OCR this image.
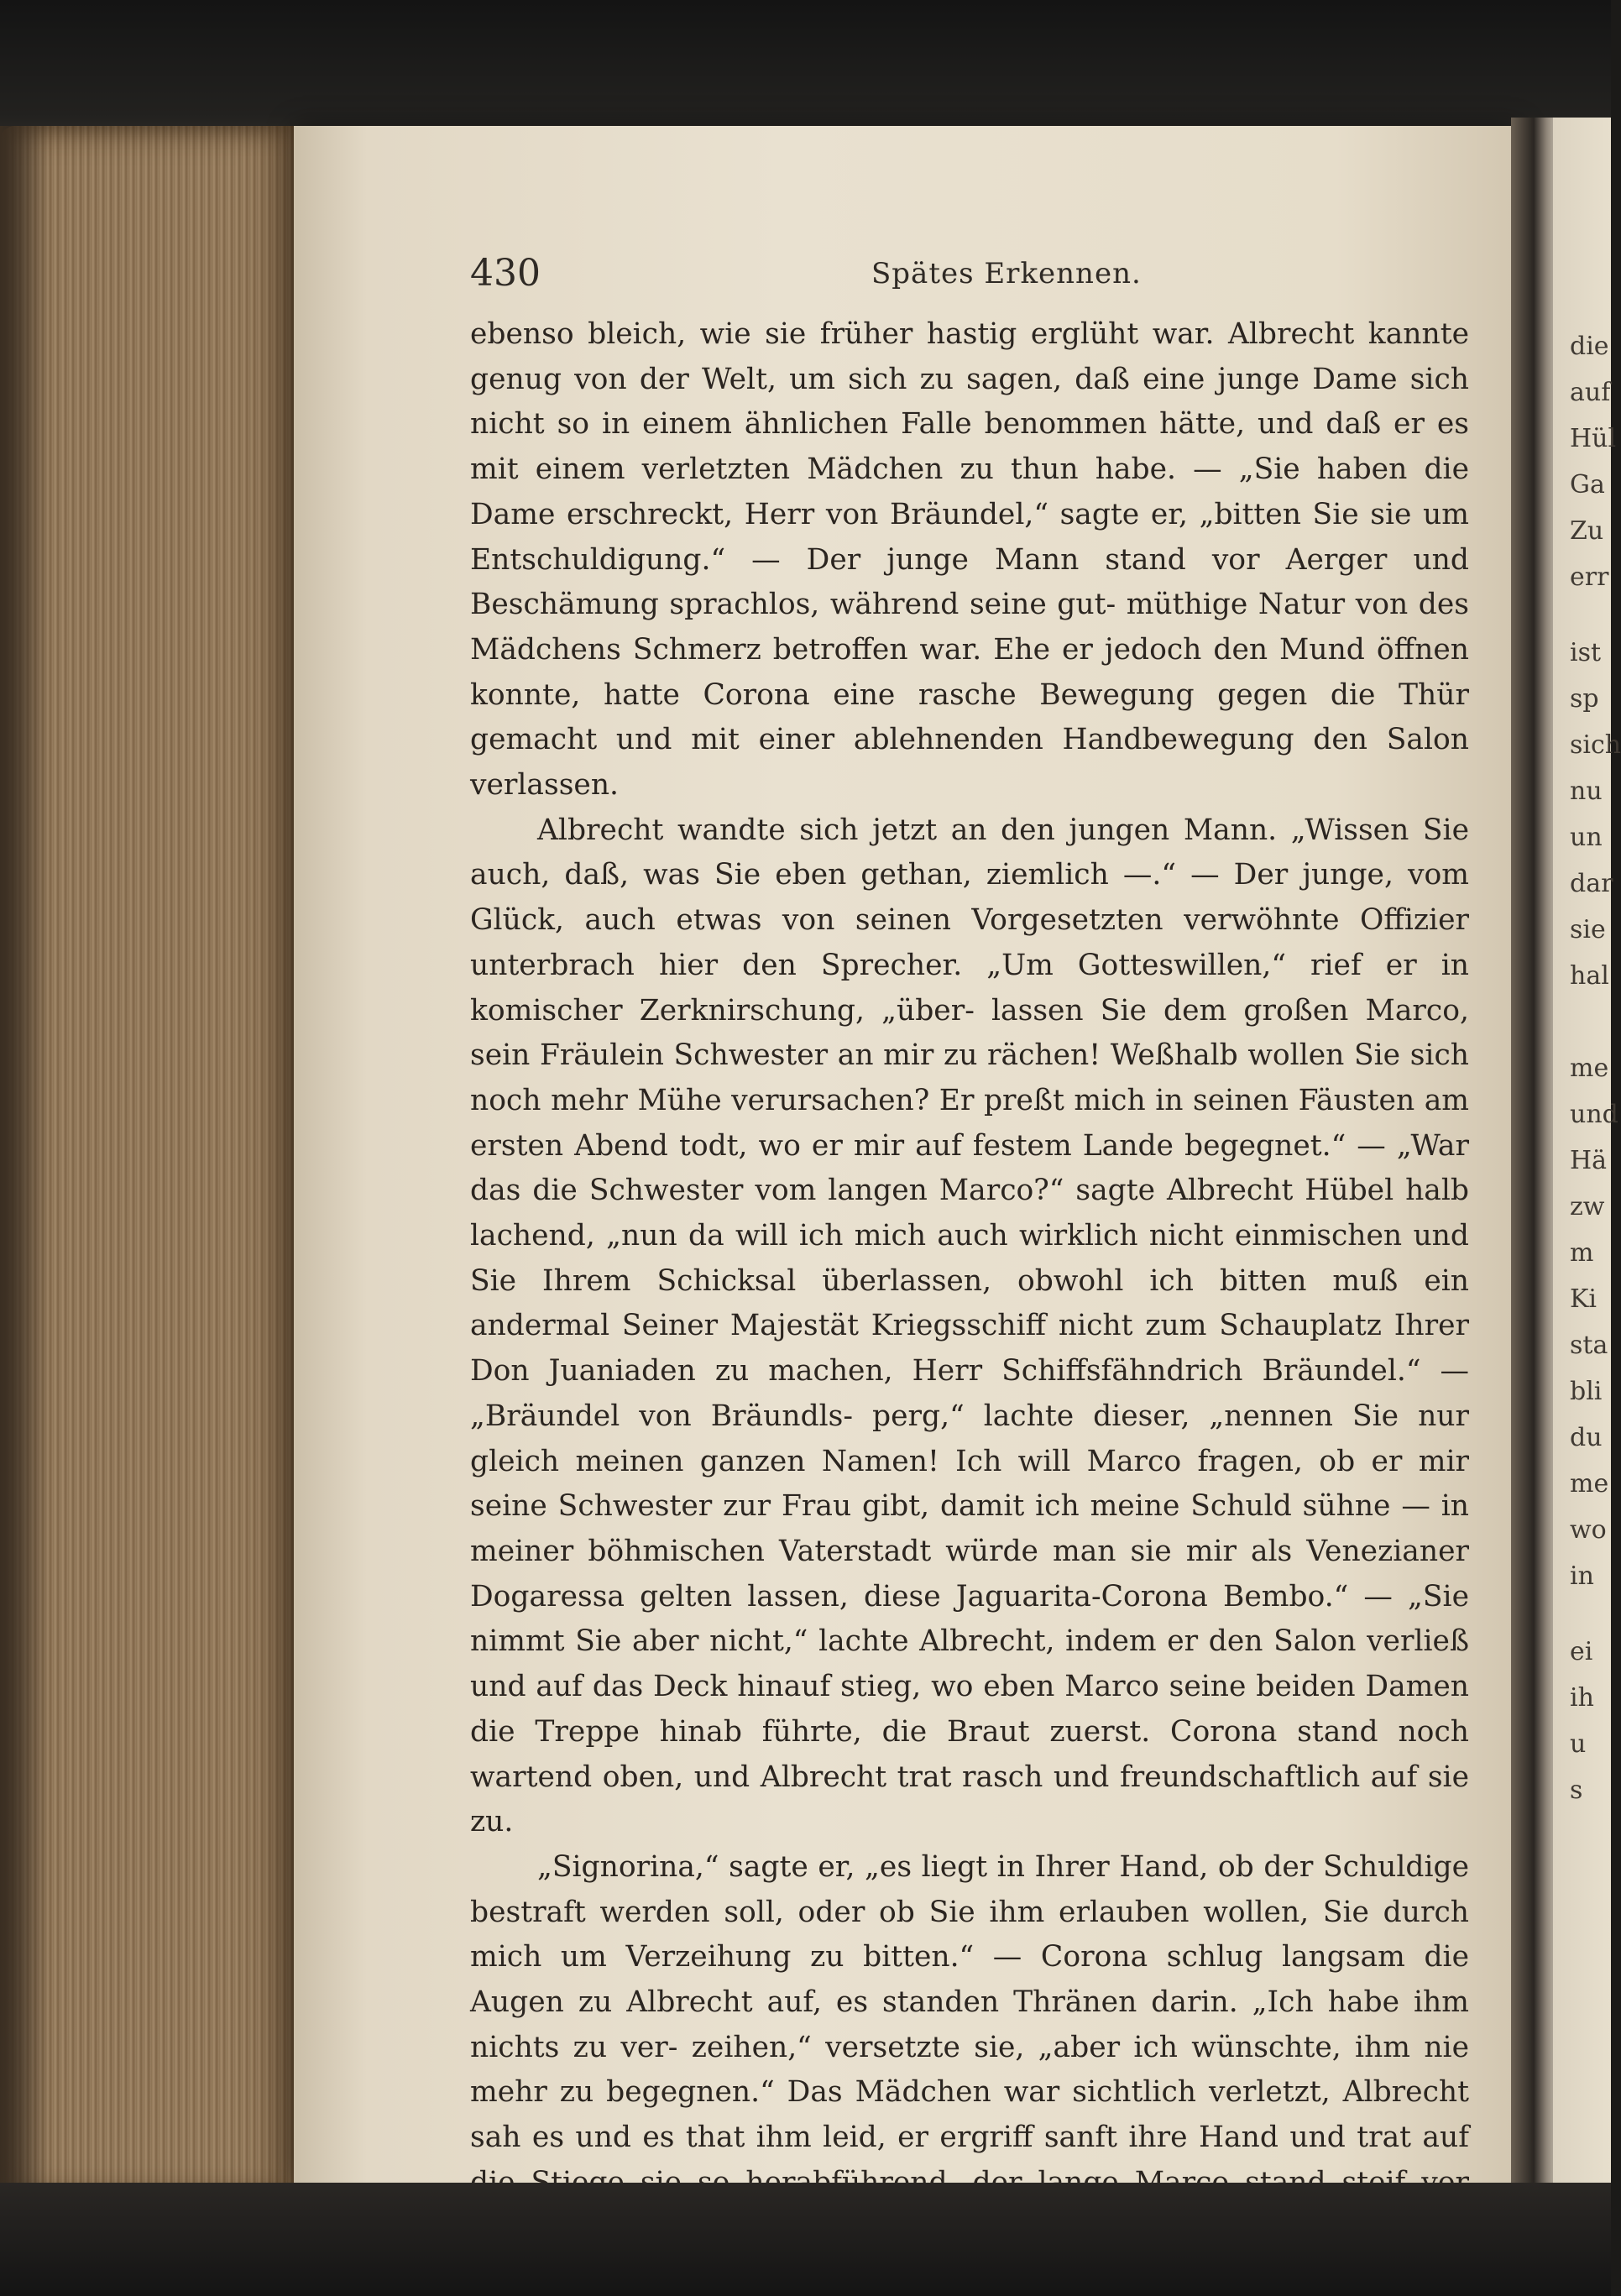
430	Spätes Erkennen.

ebenso bleich, wie sie früher hastig erglüht war. Albrecht kannte genug von der Welt, um sich zu sagen, daß eine junge Dame sich nicht so in einem ähnlichen Falle benommen hätte, und daß er es mit einem verletzten Mädchen zu thun habe. — „Sie haben die Dame erschreckt, Herr von Bräundel,“ sagte er, „bitten Sie sie um Entschuldigung.“ — Der junge Mann stand vor Aerger und Beschämung sprachlos, während seine gut- müthige Natur von des Mädchens Schmerz betroffen war. Ehe er jedoch den Mund öffnen konnte, hatte Corona eine rasche Bewegung gegen die Thür gemacht und mit einer ablehnenden Handbewegung den Salon verlassen.

Albrecht wandte sich jetzt an den jungen Mann. „Wissen Sie auch, daß, was Sie eben gethan, ziemlich —.“ — Der junge, vom Glück, auch etwas von seinen Vorgesetzten verwöhnte Offizier unterbrach hier den Sprecher. „Um Gotteswillen,“ rief er in komischer Zerknirschung, „über- lassen Sie dem großen Marco, sein Fräulein Schwester an mir zu rächen! Weßhalb wollen Sie sich noch mehr Mühe verursachen? Er preßt mich in seinen Fäusten am ersten Abend todt, wo er mir auf festem Lande begegnet.“ — „War das die Schwester vom langen Marco?“ sagte Albrecht Hübel halb lachend, „nun da will ich mich auch wirklich nicht einmischen und Sie Ihrem Schicksal überlassen, obwohl ich bitten muß ein andermal Seiner Majestät Kriegsschiff nicht zum Schauplatz Ihrer Don Juaniaden zu machen, Herr Schiffsfähndrich Bräundel.“ — „Bräundel von Bräundls- perg,“ lachte dieser, „nennen Sie nur gleich meinen ganzen Namen! Ich will Marco fragen, ob er mir seine Schwester zur Frau gibt, damit ich meine Schuld sühne — in meiner böhmischen Vaterstadt würde man sie mir als Venezianer Dogaressa gelten lassen, diese Jaguarita-Corona Bembo.“ — „Sie nimmt Sie aber nicht,“ lachte Albrecht, indem er den Salon verließ und auf das Deck hinauf stieg, wo eben Marco seine beiden Damen die Treppe hinab führte, die Braut zuerst. Corona stand noch wartend oben, und Albrecht trat rasch und freundschaftlich auf sie zu.

„Signorina,“ sagte er, „es liegt in Ihrer Hand, ob der Schuldige bestraft werden soll, oder ob Sie ihm erlauben wollen, Sie durch mich um Verzeihung zu bitten.“ — Corona schlug langsam die Augen zu Albrecht auf, es standen Thränen darin. „Ich habe ihm nichts zu ver- zeihen,“ versetzte sie, „aber ich wünschte, ihm nie mehr zu begegnen.“ Das Mädchen war sichtlich verletzt, Albrecht sah es und es that ihm leid, er ergriff sanft ihre Hand und trat auf

die
auf
Hül
Ga
Zu
err
ist
sp
sich
nu
un
dar
sie
hal
me
und
Hä
zw
m
Ki
sta
bli
du
me
wo
in
ei
ih
u
s
